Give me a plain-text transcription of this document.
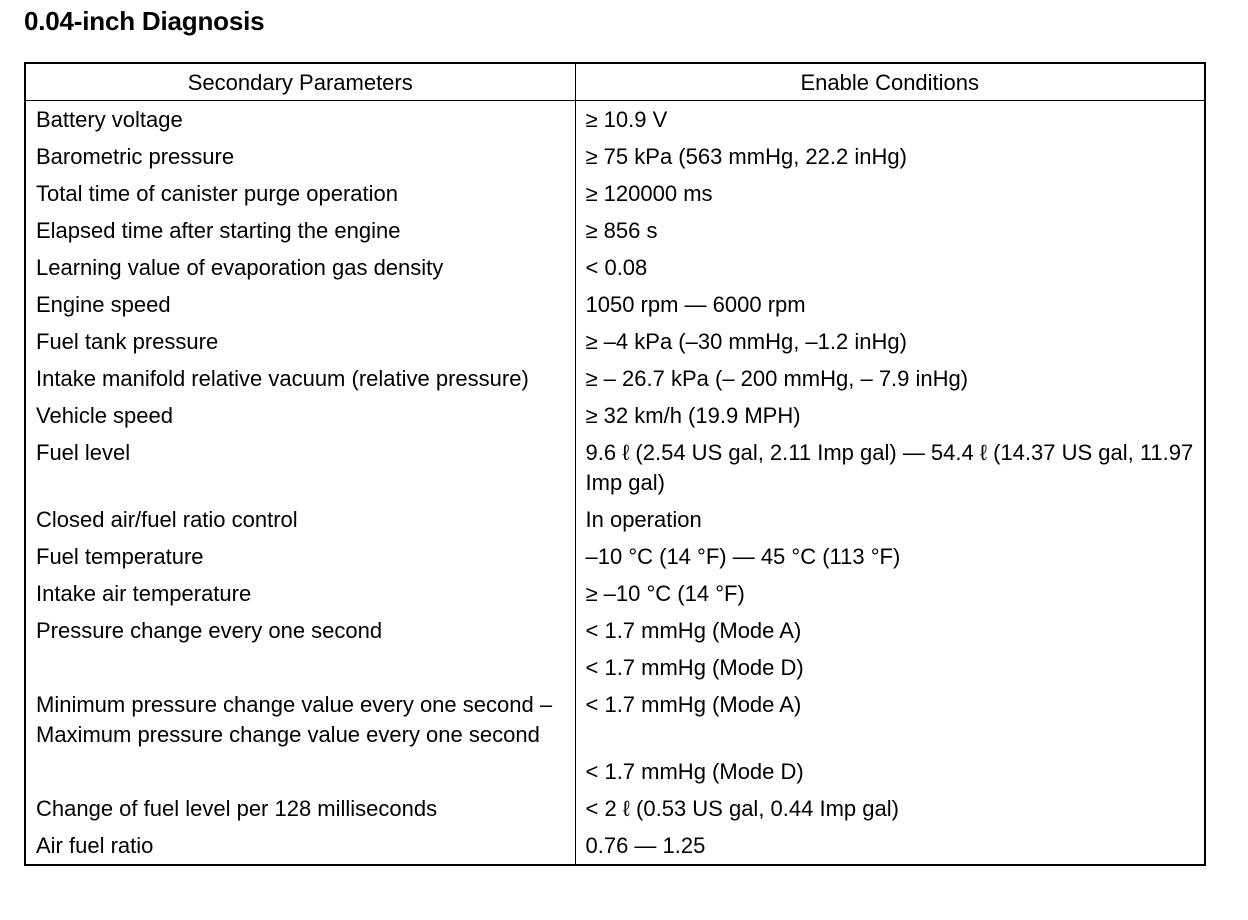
0.04-inch Diagnosis
Secondary Parameters	Enable Conditions
Battery voltage	≥ 10.9 V
Barometric pressure	≥ 75 kPa (563 mmHg, 22.2 inHg)
Total time of canister purge operation	≥ 120000 ms
Elapsed time after starting the engine	≥ 856 s
Learning value of evaporation gas density	< 0.08
Engine speed	1050 rpm — 6000 rpm
Fuel tank pressure	≥ –4 kPa (–30 mmHg, –1.2 inHg)
Intake manifold relative vacuum (relative pressure)	≥ – 26.7 kPa (– 200 mmHg, – 7.9 inHg)
Vehicle speed	≥ 32 km/h (19.9 MPH)
Fuel level	9.6 ℓ (2.54 US gal, 2.11 Imp gal) — 54.4 ℓ (14.37 US gal, 11.97 Imp gal)
Closed air/fuel ratio control	In operation
Fuel temperature	–10 °C (14 °F) — 45 °C (113 °F)
Intake air temperature	≥ –10 °C (14 °F)
Pressure change every one second	< 1.7 mmHg (Mode A)
	< 1.7 mmHg (Mode D)
Minimum pressure change value every one second – Maximum pressure change value every one second	< 1.7 mmHg (Mode A)
	< 1.7 mmHg (Mode D)
Change of fuel level per 128 milliseconds	< 2 ℓ (0.53 US gal, 0.44 Imp gal)
Air fuel ratio	0.76 — 1.25
